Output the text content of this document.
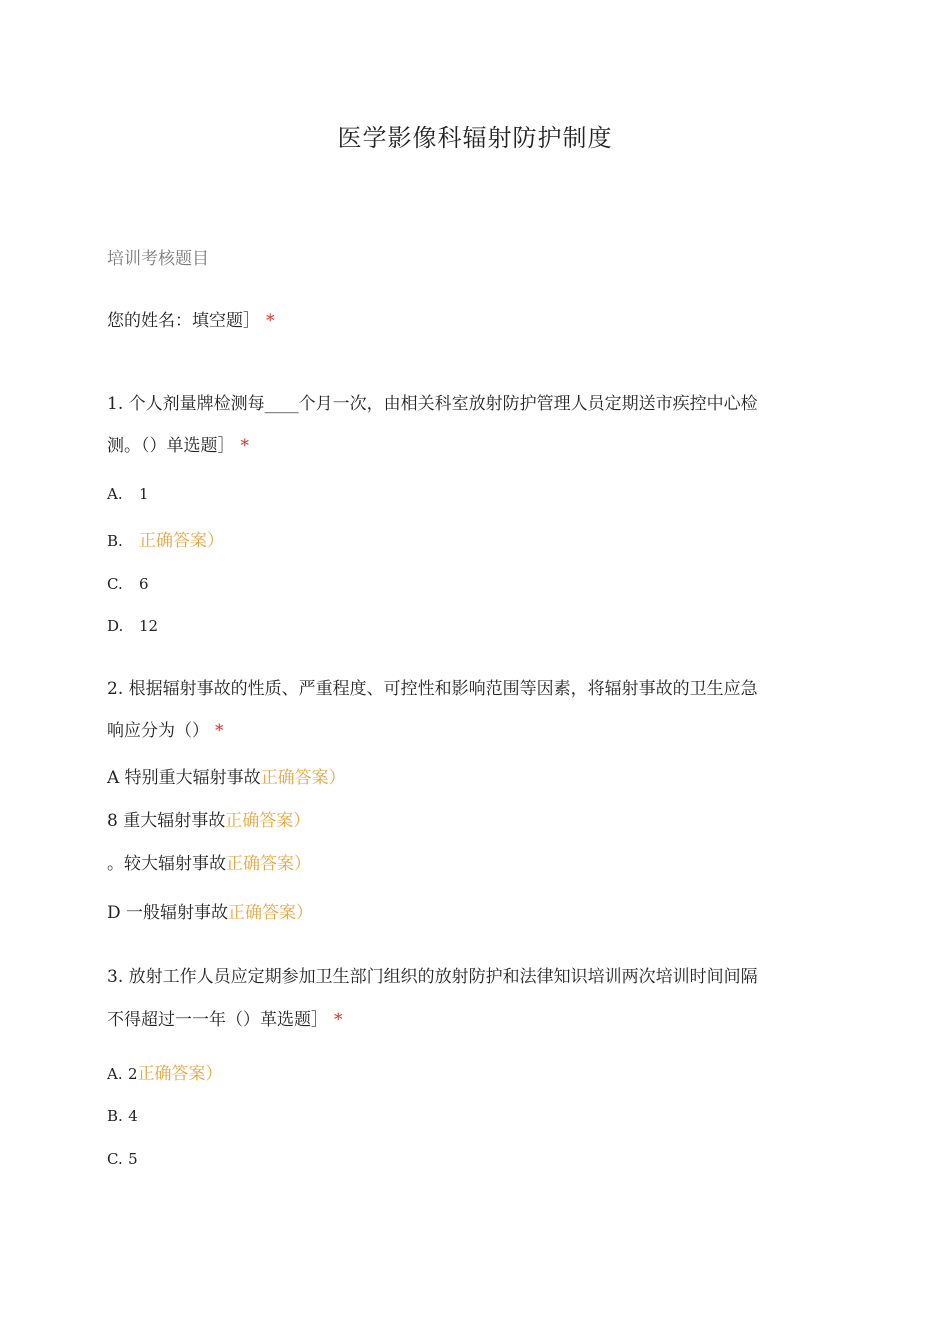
医学影像科辐射防护制度
培训考核题目
您的姓名：填空题］ *
1. 个人剂量牌检测每____个月一次，由相关科室放射防护管理人员定期送市疾控中心检
测。（）单选题］ *
A. 1
B. 正确答案）
C. 6
D. 12
2. 根据辐射事故的性质、严重程度、可控性和影响范围等因素，将辐射事故的卫生应急
响应分为（） *
A 特别重大辐射事故正确答案）
8 重大辐射事故正确答案）
。较大辐射事故正确答案）
D 一般辐射事故正确答案）
3. 放射工作人员应定期参加卫生部门组织的放射防护和法律知识培训两次培训时间间隔
不得超过一一年（）革选题］ *
A. 2正确答案）
B. 4
C. 5
